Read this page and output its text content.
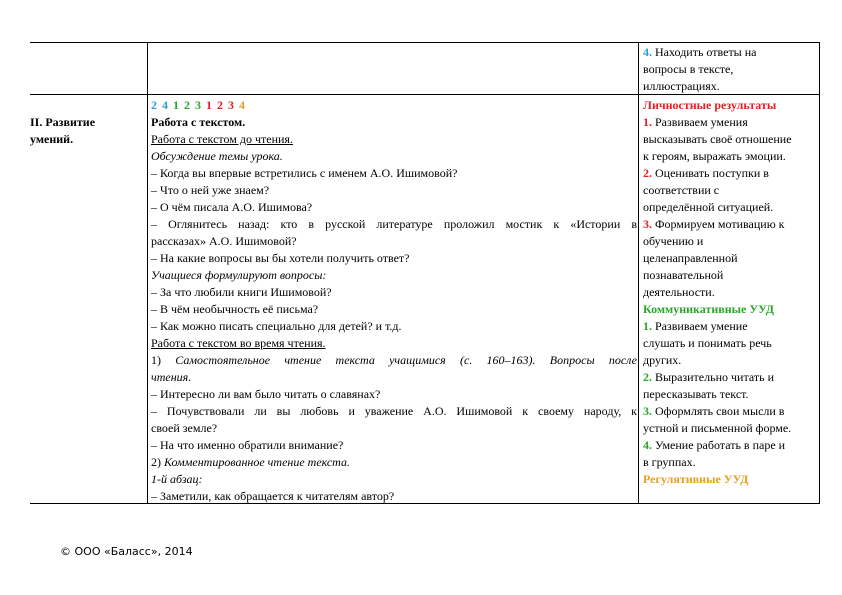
4. Находить ответы на
вопросы в тексте,
иллюстрациях.
II. Развитие
умений.
2 4 1 2 3 1 2 3 4
Работа с текстом.
Работа с текстом до чтения.
Обсуждение темы урока.
– Когда вы впервые встретились с именем А.О. Ишимовой?
– Что о ней уже знаем?
– О чём писала А.О. Ишимова?
– Оглянитесь назад: кто в русской литературе проложил мостик к «Истории в
рассказах» А.О. Ишимовой?
– На какие вопросы вы бы хотели получить ответ?
Учащиеся формулируют вопросы:
– За что любили книги Ишимовой?
– В чём необычность её письма?
– Как можно писать специально для детей? и т.д.
Работа с текстом во время чтения.
1) Самостоятельное чтение текста учащимися (с. 160–163). Вопросы после
чтения.
– Интересно ли вам было читать о славянах?
– Почувствовали ли вы любовь и уважение А.О. Ишимовой к своему народу, к
своей земле?
– На что именно обратили внимание?
2) Комментированное чтение текста.
1-й абзац:
– Заметили, как обращается к читателям автор?
Личностные результаты
1. Развиваем умения
высказывать своё отношение
к героям, выражать эмоции.
2. Оценивать поступки в
соответствии с
определённой ситуацией.
3. Формируем мотивацию к
обучению и
целенаправленной
познавательной
деятельности.
Коммуникативные УУД
1. Развиваем умение
слушать и понимать речь
других.
2. Выразительно читать и
пересказывать текст.
3. Оформлять свои мысли в
устной и письменной форме.
4. Умение работать в паре и
в группах.
Регулятивные УУД
© ООО «Баласс», 2014
